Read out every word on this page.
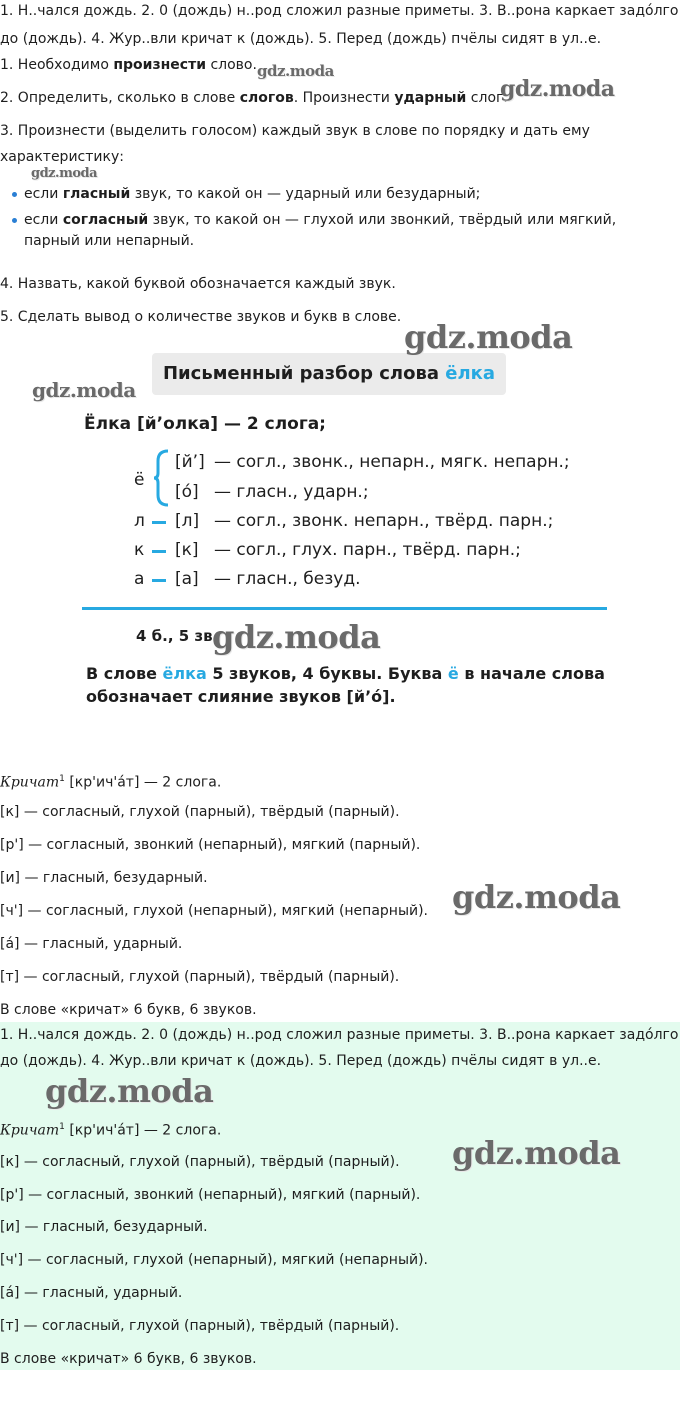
1. Н..чался дождь. 2. 0 (дождь) н..род сложил разные приметы. 3. В..рона каркает задо́лго
до (дождь). 4. Жур..вли кричат к (дождь). 5. Перед (дождь) пчёлы сидят в ул..е.
1. Необходимо произнести слово.
2. Определить, сколько в слове слогов. Произнести ударный слог.
3. Произнести (выделить голосом) каждый звук в слове по порядку и дать ему
характеристику:
если гласный звук, то какой он — ударный или безударный;
если согласный звук, то какой он — глухой или звонкий, твёрдый или мягкий,
парный или непарный.
4. Назвать, какой буквой обозначается каждый звук.
5. Сделать вывод о количестве звуков и букв в слове.
Письменный разбор слова ёлка
Ёлка [й’олка] — 2 слога;
ё
[й’] — согл., звонк., непарн., мягк. непарн.;
[о́] — гласн., ударн.;
л [л] — согл., звонк. непарн., твёрд. парн.;
к [к] — согл., глух. парн., твёрд. парн.;
а [а] — гласн., безуд.
4 б., 5 зв.
В слове ёлка 5 звуков, 4 буквы. Буква ё в начале слова
обозначает слияние звуков [й’о́].
Кричат$^1$ [кр'ич'а́т] — 2 слога.
[к] — согласный, глухой (парный), твёрдый (парный).
[р'] — согласный, звонкий (непарный), мягкий (парный).
[и] — гласный, безударный.
[ч'] — согласный, глухой (непарный), мягкий (непарный).
[а́] — гласный, ударный.
[т] — согласный, глухой (парный), твёрдый (парный).
В слове «кричат» 6 букв, 6 звуков.
1. Н..чался дождь. 2. 0 (дождь) н..род сложил разные приметы. 3. В..рона каркает задо́лго
до (дождь). 4. Жур..вли кричат к (дождь). 5. Перед (дождь) пчёлы сидят в ул..е.
Кричат$^1$ [кр'ич'а́т] — 2 слога.
[к] — согласный, глухой (парный), твёрдый (парный).
[р'] — согласный, звонкий (непарный), мягкий (парный).
[и] — гласный, безударный.
[ч'] — согласный, глухой (непарный), мягкий (непарный).
[а́] — гласный, ударный.
[т] — согласный, глухой (парный), твёрдый (парный).
В слове «кричат» 6 букв, 6 звуков.
gdz.moda
gdz.moda
gdz.moda
gdz.moda
gdz.moda
gdz.moda
gdz.moda
gdz.moda
gdz.moda
